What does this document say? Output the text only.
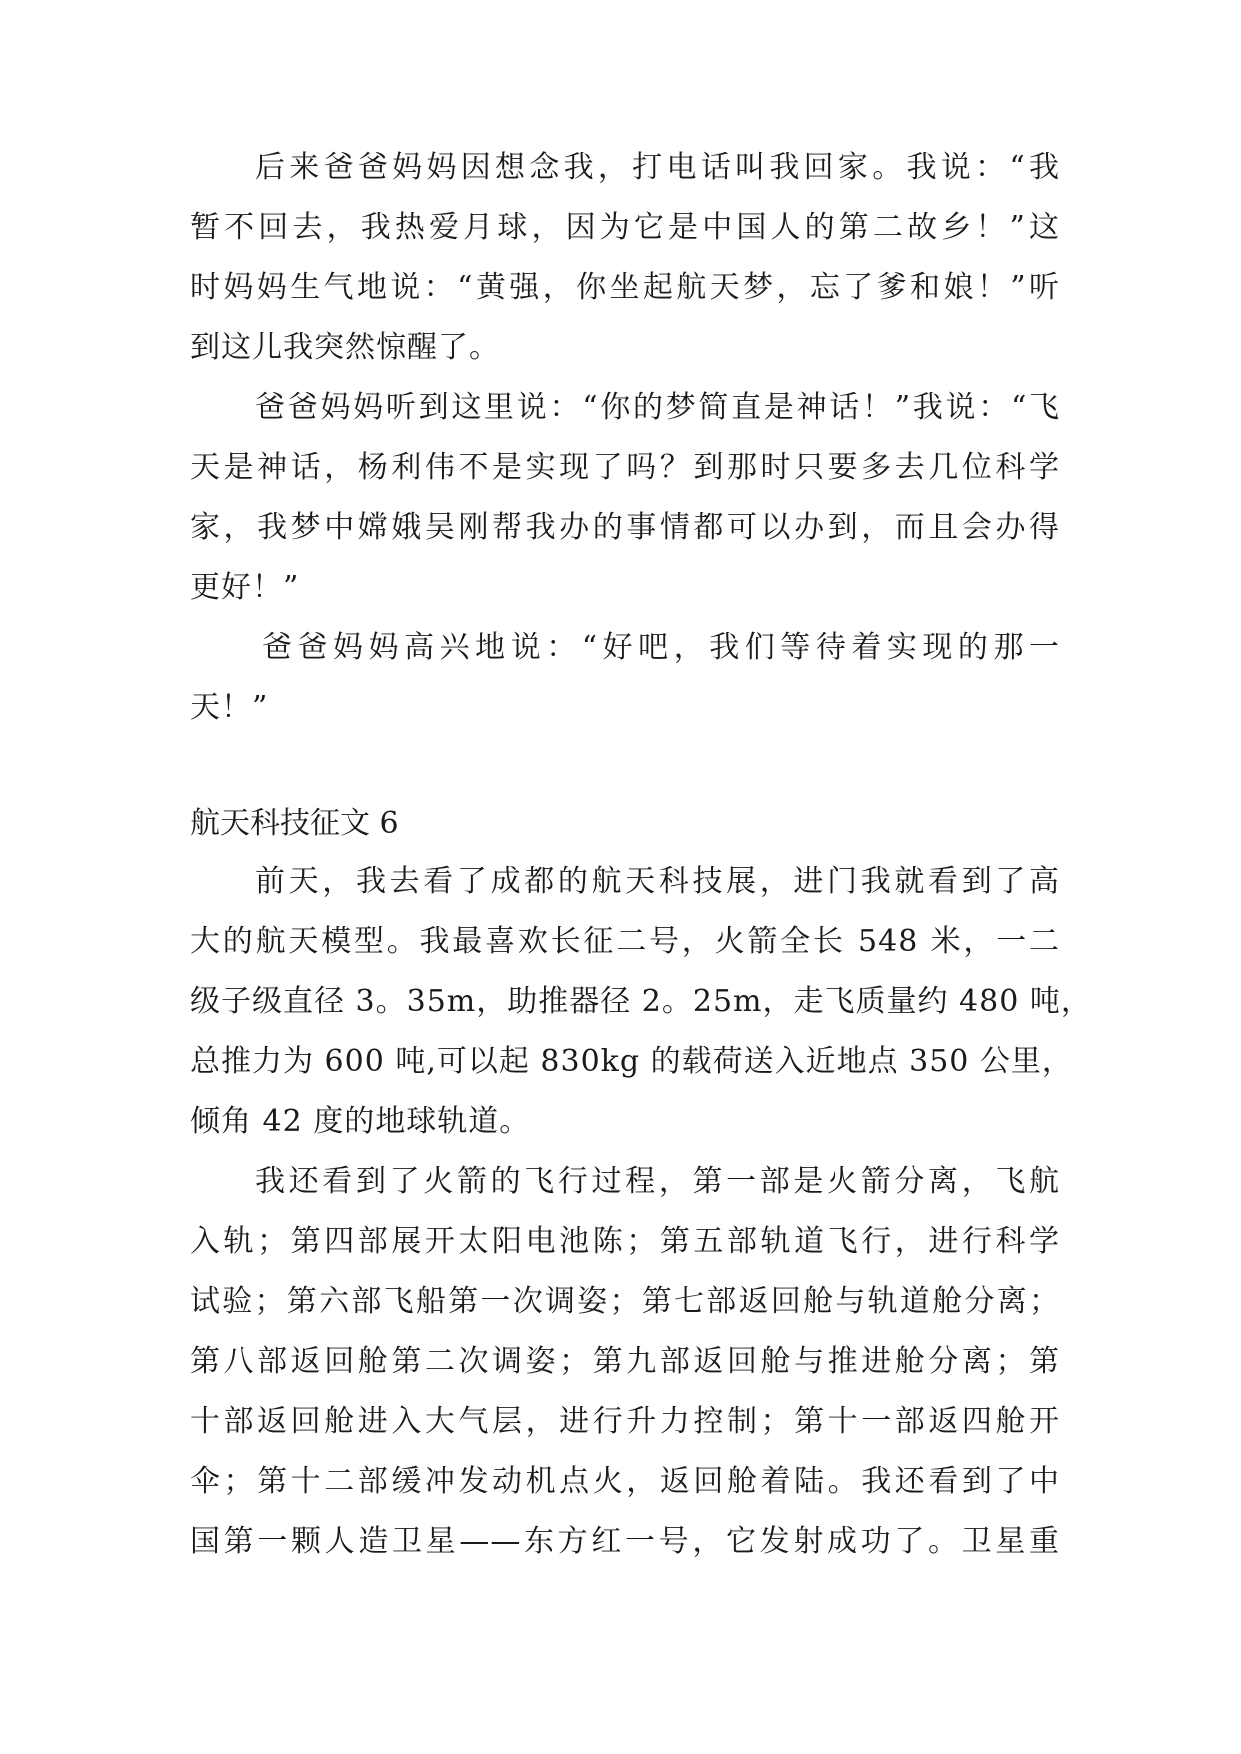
后来爸爸妈妈因想念我，打电话叫我回家。我说：“我
暂不回去，我热爱月球，因为它是中国人的第二故乡！”这
时妈妈生气地说：“黄强，你坐起航天梦，忘了爹和娘！”听
到这儿我突然惊醒了。
爸爸妈妈听到这里说：“你的梦简直是神话！”我说：“飞
天是神话，杨利伟不是实现了吗？到那时只要多去几位科学
家，我梦中嫦娥吴刚帮我办的事情都可以办到，而且会办得
更好！”
爸爸妈妈高兴地说：“好吧，我们等待着实现的那一
天！”
航天科技征文 6
前天，我去看了成都的航天科技展，进门我就看到了高
大的航天模型。我最喜欢长征二号，火箭全长 548 米，一二
级子级直径 3。35m，助推器径 2。25m，走飞质量约 480 吨，
总推力为 600 吨,可以起 830kg 的载荷送入近地点 350 公里，
倾角 42 度的地球轨道。
我还看到了火箭的飞行过程，第一部是火箭分离，飞航
入轨；第四部展开太阳电池陈；第五部轨道飞行，进行科学
试验；第六部飞船第一次调姿；第七部返回舱与轨道舱分离；
第八部返回舱第二次调姿；第九部返回舱与推进舱分离；第
十部返回舱进入大气层，进行升力控制；第十一部返四舱开
伞；第十二部缓冲发动机点火，返回舱着陆。我还看到了中
国第一颗人造卫星——东方红一号，它发射成功了。卫星重
